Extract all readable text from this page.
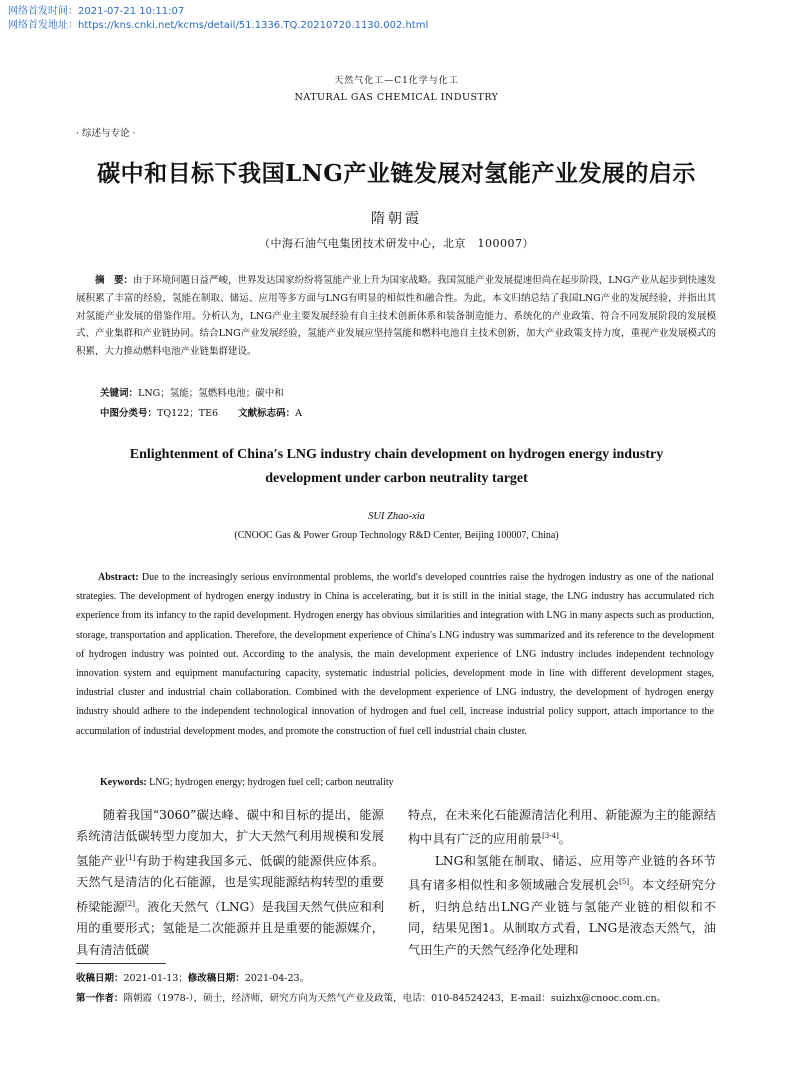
网络首发时间：2021-07-21 10:11:07
网络首发地址：https://kns.cnki.net/kcms/detail/51.1336.TQ.20210720.1130.002.html
天然气化工—C1化学与化工
NATURAL GAS CHEMICAL INDUSTRY
· 综述与专论 ·
碳中和目标下我国LNG产业链发展对氢能产业发展的启示
隋朝霞
（中海石油气电集团技术研发中心，北京　100007）
摘　要：由于环境问题日益严峻，世界发达国家纷纷将氢能产业上升为国家战略。我国氢能产业发展提速但尚在起步阶段，LNG产业从起步到快速发展积累了丰富的经验，氢能在制取、储运、应用等多方面与LNG有明显的相似性和融合性。为此，本文归纳总结了我国LNG产业的发展经验，并指出其对氢能产业发展的借鉴作用。分析认为，LNG产业主要发展经验有自主技术创新体系和装备制造能力、系统化的产业政策、符合不同发展阶段的发展模式、产业集群和产业链协同。结合LNG产业发展经验，氢能产业发展应坚持氢能和燃料电池自主技术创新，加大产业政策支持力度，重视产业发展模式的积累，大力推动燃料电池产业链集群建设。
关键词：LNG；氢能；氢燃料电池；碳中和
中图分类号：TQ122；TE6 文献标志码：A
Enlightenment of China′s LNG industry chain development on hydrogen energy industry
development under carbon neutrality target
SUI Zhao-xia
(CNOOC Gas & Power Group Technology R&D Center, Beijing 100007, China)
Abstract: Due to the increasingly serious environmental problems, the world′s developed countries raise the hydrogen industry as one of the national strategies. The development of hydrogen energy industry in China is accelerating, but it is still in the initial stage, the LNG industry has accumulated rich experience from its infancy to the rapid development. Hydrogen energy has obvious similarities and integration with LNG in many aspects such as production, storage, transportation and application. Therefore, the development experience of China′s LNG industry was summarized and its reference to the development of hydrogen industry was pointed out. According to the analysis, the main development experience of LNG industry includes independent technology innovation system and equipment manufacturing capacity, systematic industrial policies, development mode in line with different development stages, industrial cluster and industrial chain collaboration. Combined with the development experience of LNG industry, the development of hydrogen energy industry should adhere to the independent technological innovation of hydrogen and fuel cell, increase industrial policy support, attach importance to the accumulation of industrial development modes, and promote the construction of fuel cell industrial chain cluster.
Keywords: LNG; hydrogen energy; hydrogen fuel cell; carbon neutrality

随着我国“3060”碳达峰、碳中和目标的提出，能源系统清洁低碳转型力度加大，扩大天然气利用规模和发展氢能产业[1]有助于构建我国多元、低碳的能源供应体系。天然气是清洁的化石能源，也是实现能源结构转型的重要桥梁能源[2]。液化天然气（LNG）是我国天然气供应和利用的重要形式；氢能是二次能源并且是重要的能源媒介，具有清洁低碳

特点，在未来化石能源清洁化利用、新能源为主的能源结构中具有广泛的应用前景[3-4]。

LNG和氢能在制取、储运、应用等产业链的各环节具有诸多相似性和多领域融合发展机会[5]。本文经研究分析，归纳总结出LNG产业链与氢能产业链的相似和不同，结果见图1。从制取方式看，LNG是液态天然气，油气田生产的天然气经净化处理和

收稿日期：2021-01-13；修改稿日期：2021-04-23。
第一作者：隋朝霞（1978-），硕士，经济师，研究方向为天然气产业及政策，电话：010-84524243，E-mail：suizhx@cnooc.com.cn。
